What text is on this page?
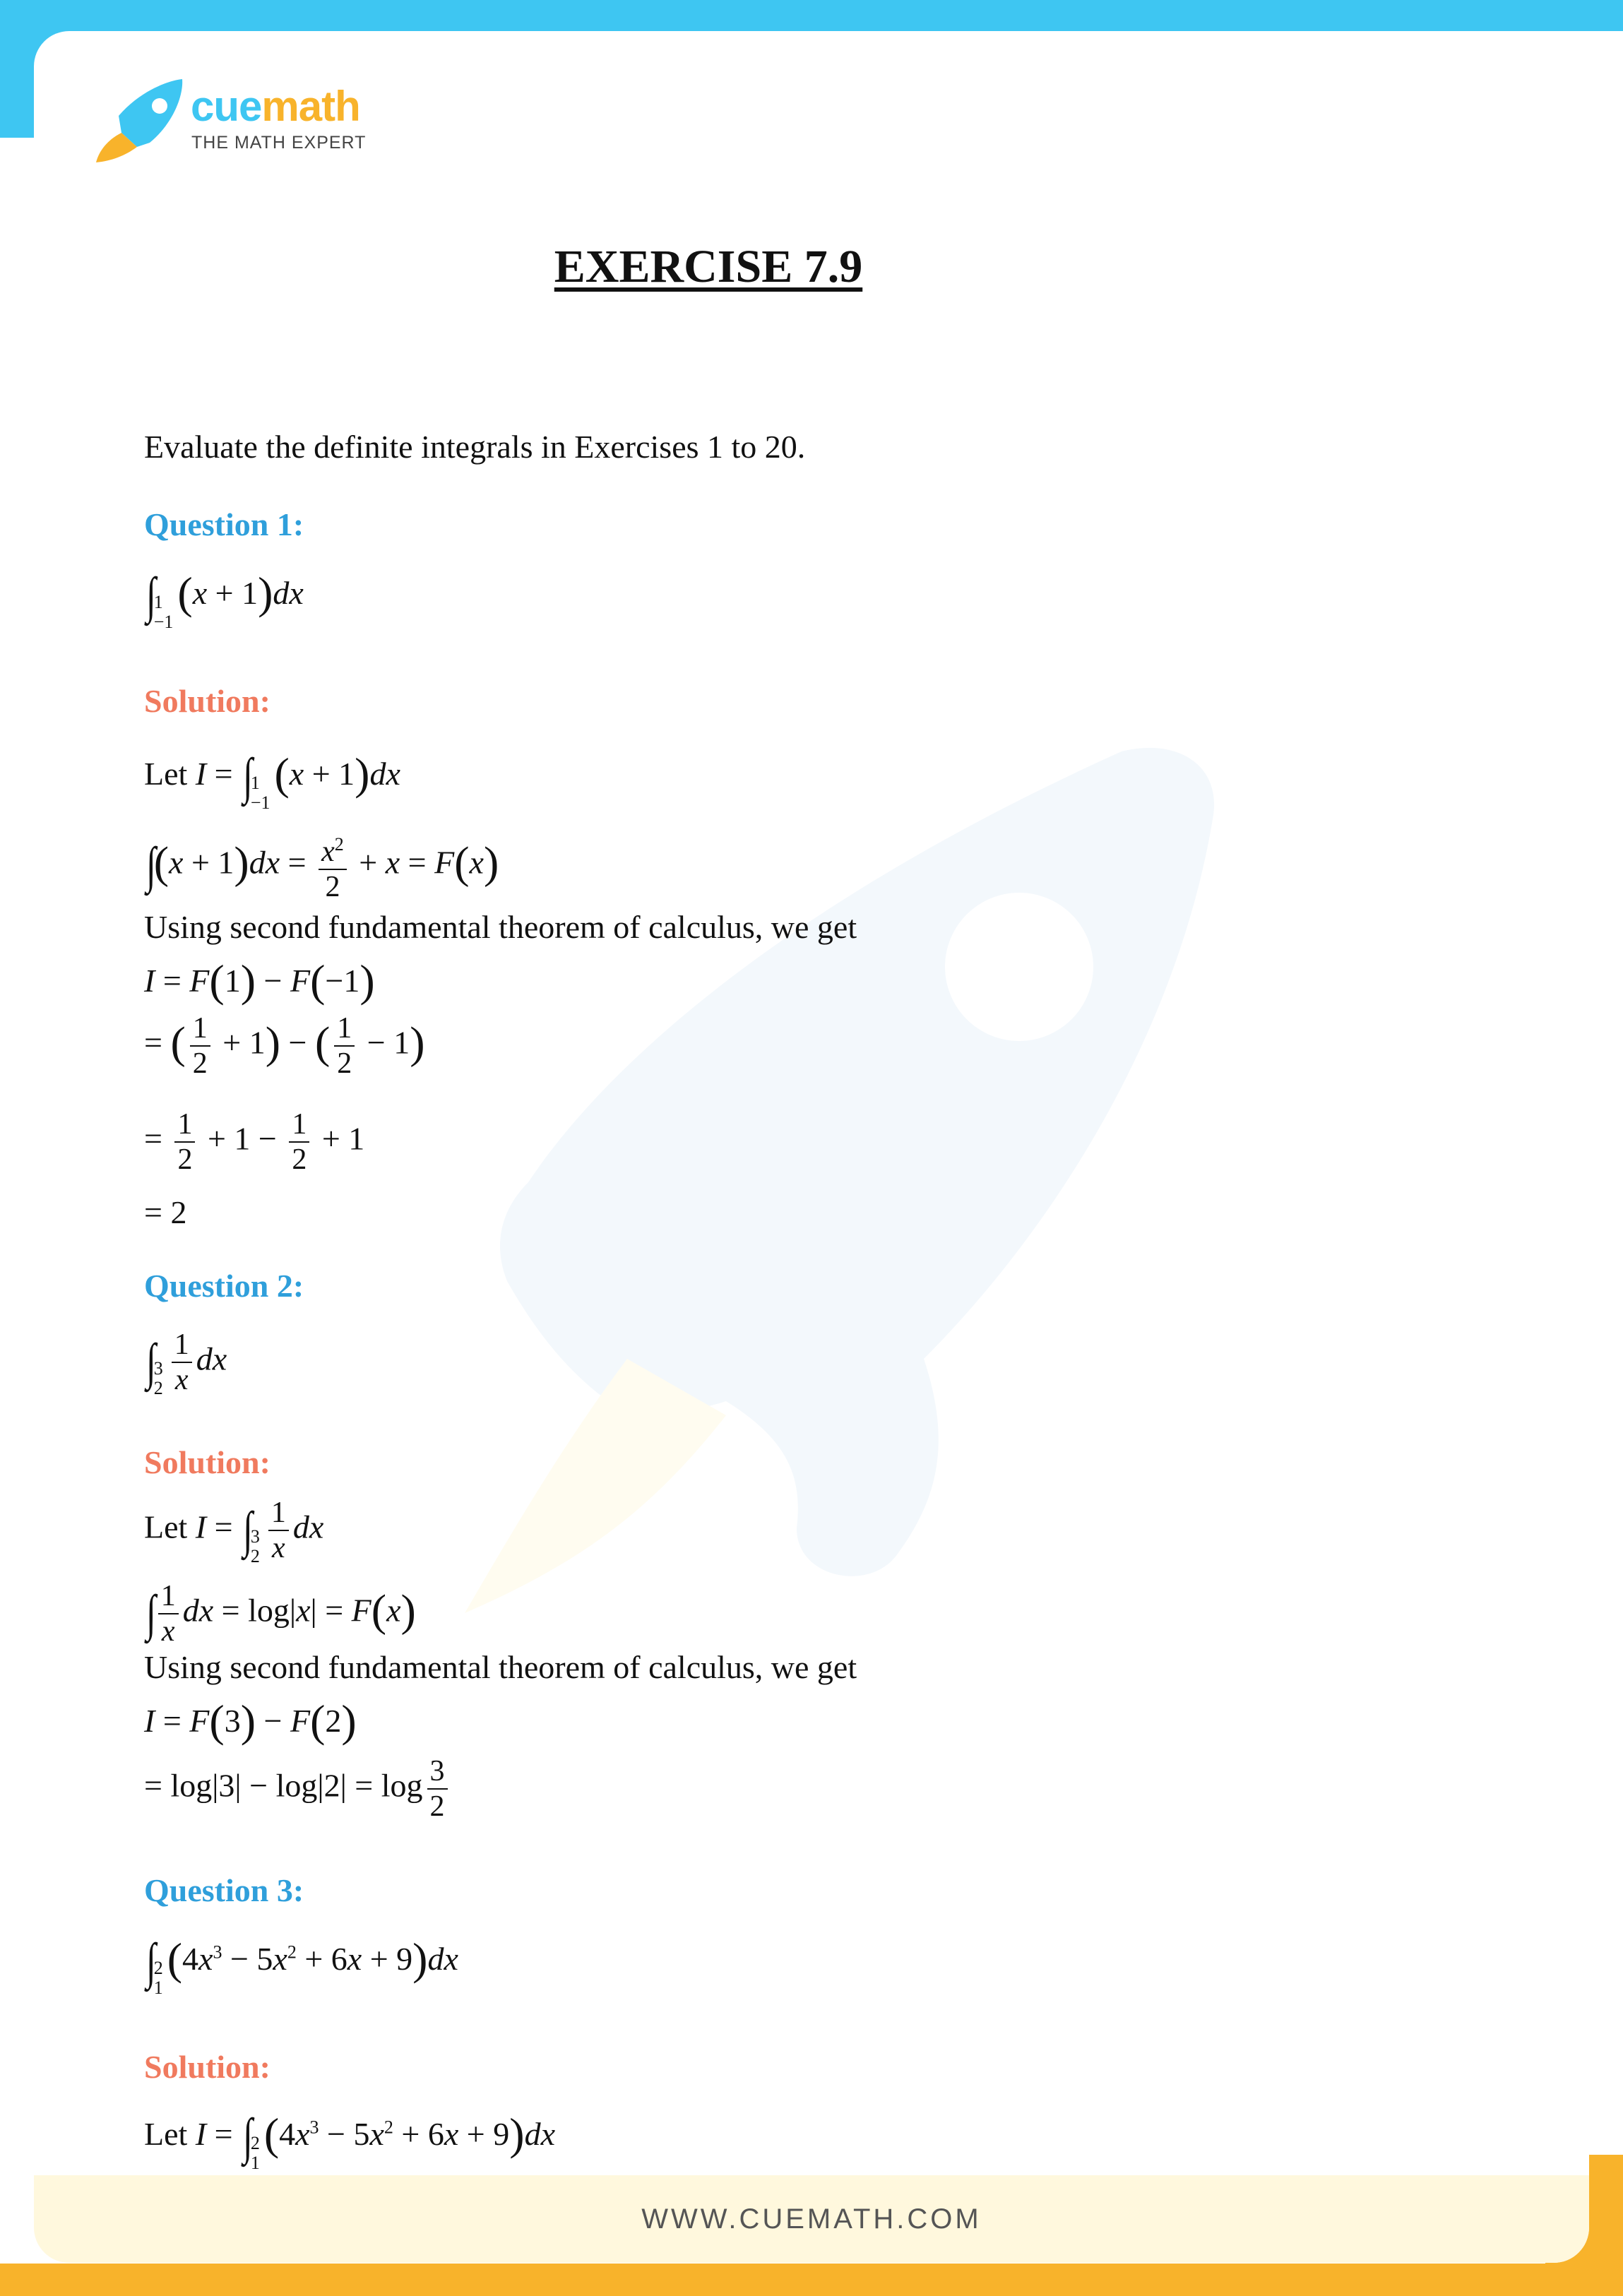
cuemath
THE MATH EXPERT
WWW.CUEMATH.COM
EXERCISE 7.9
Evaluate the definite integrals in Exercises 1 to 20.
Question 1:
∫
1
−1
(x + 1)dx
Solution:
Let I = ∫
1
−1
(x + 1)dx
$\int(x + 1)dx = \frac{x^2}{2} + x = F(x)$
Using second fundamental theorem of calculus, we get
I = F(1) − F(−1)
= ( $\frac{1}{2} + 1$) − ( $\frac{1}{2} - 1$)
= $\frac{1}{2} + 1 - \frac{1}{2} + 1$
= 2
Question 2:
∫
3
$2 \frac{1}{x}$ dx
Solution:
Let I = ∫
3
$2 \frac{1}{x}$ dx
∫ $\frac{1}{x}$ dx = log|x| = F(x)
Using second fundamental theorem of calculus, we get
I = F(3) − F(2)
= $\log|3| - \log|2| = \log \frac{3}{2}$
Question 3:
∫
2
1
$(4x^3 - 5x^2 + 6x + 9)dx$
Solution:
Let I = ∫
2
1
$(4x^3 - 5x^2 + 6x + 9)dx$
